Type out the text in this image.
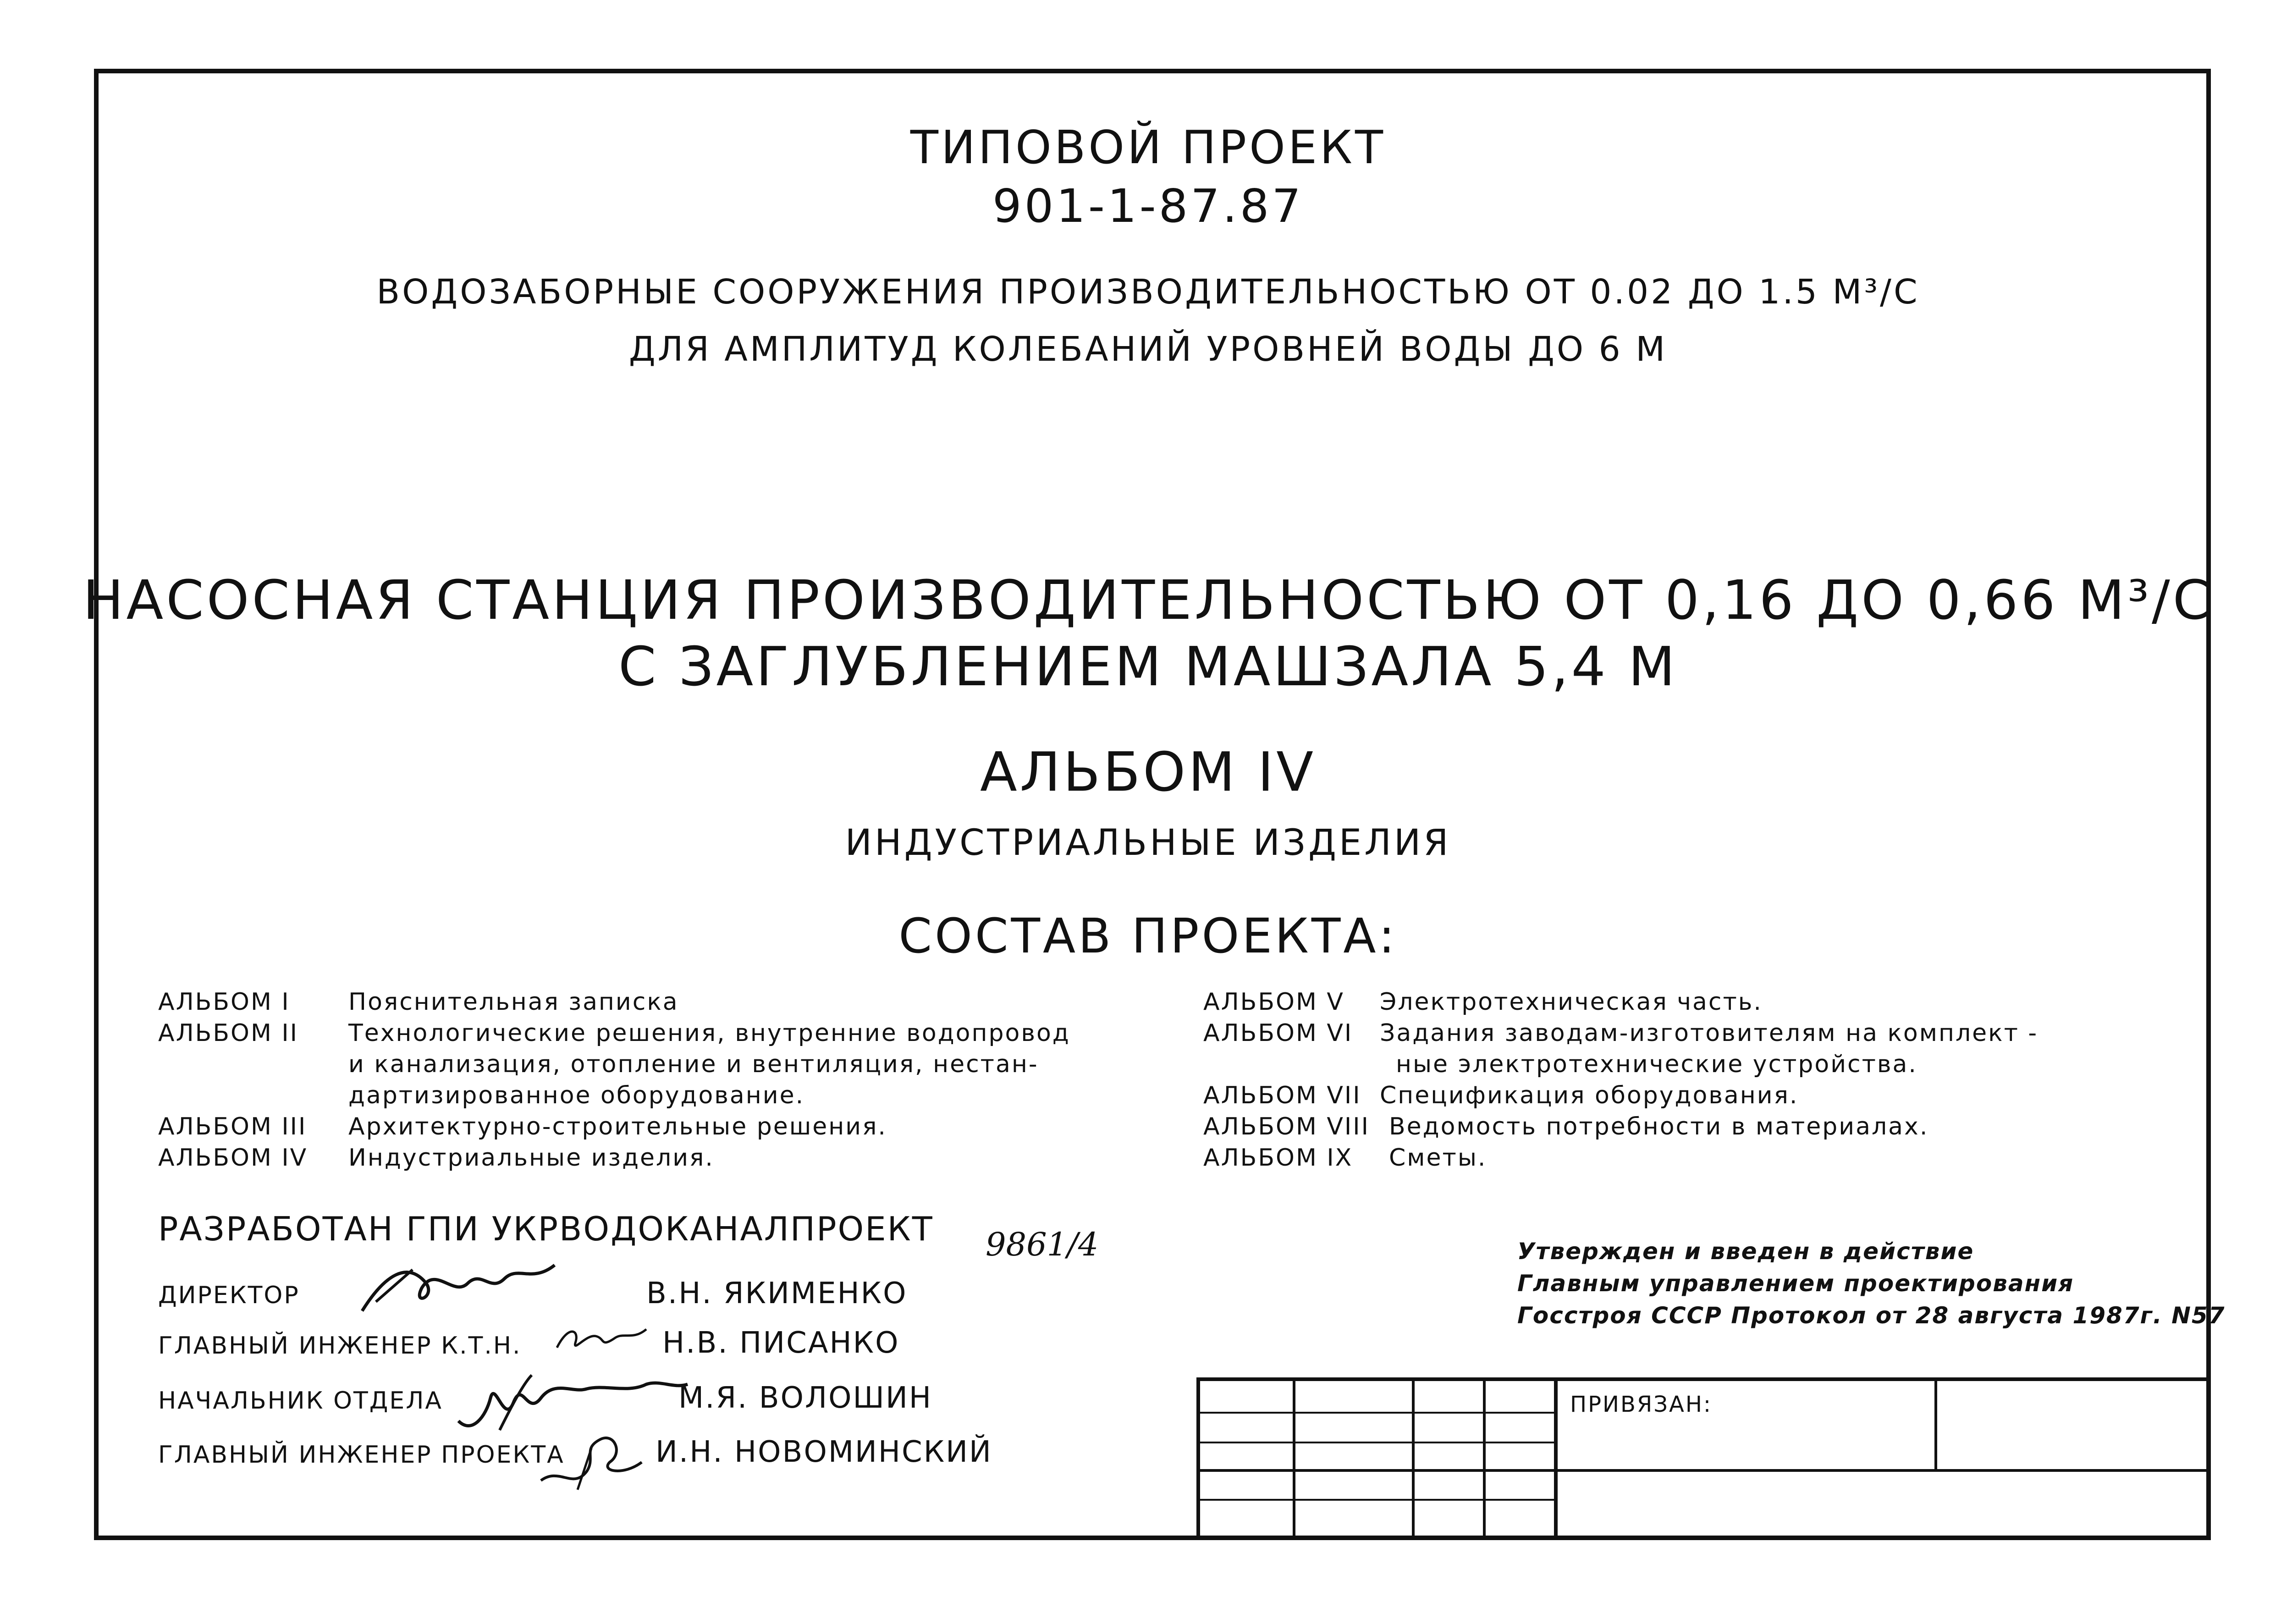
ТИПОВОЙ ПРОЕКТ
901-1-87.87
ВОДОЗАБОРНЫЕ СООРУЖЕНИЯ ПРОИЗВОДИТЕЛЬНОСТЬЮ ОТ 0.02 ДО 1.5 М³/С
ДЛЯ АМПЛИТУД КОЛЕБАНИЙ УРОВНЕЙ ВОДЫ ДО 6 М
НАСОСНАЯ СТАНЦИЯ ПРОИЗВОДИТЕЛЬНОСТЬЮ ОТ 0,16 ДО 0,66 М³/С
С ЗАГЛУБЛЕНИЕМ МАШЗАЛА 5,4 М
АЛЬБОМ IV
ИНДУСТРИАЛЬНЫЕ ИЗДЕЛИЯ
СОСТАВ ПРОЕКТА:
АЛЬБОМ I Пояснительная записка
АЛЬБОМ II Технологические решения, внутренние водопровод
и канализация, отопление и вентиляция, нестан-
дартизированное оборудование.
АЛЬБОМ III Архитектурно-строительные решения.
АЛЬБОМ IV Индустриальные изделия.
АЛЬБОМ V Электротехническая часть.
АЛЬБОМ VI Задания заводам-изготовителям на комплект -
ные электротехнические устройства.
АЛЬБОМ VII Спецификация оборудования.
АЛЬБОМ VIII Ведомость потребности в материалах.
АЛЬБОМ IX Сметы.
РАЗРАБОТАН ГПИ УКРВОДОКАНАЛПРОЕКТ 9861/4
ДИРЕКТОР	В.Н. ЯКИМЕНКО
ГЛАВНЫЙ ИНЖЕНЕР К.Т.Н.	Н.В. ПИСАНКО
НАЧАЛЬНИК ОТДЕЛА	М.Я. ВОЛОШИН
ГЛАВНЫЙ ИНЖЕНЕР ПРОЕКТА	И.Н. НОВОМИНСКИЙ
Утвержден и введен в действие
Главным управлением проектирования
Госстроя СССР Протокол от 28 августа 1987г. N57
ПРИВЯЗАН:
